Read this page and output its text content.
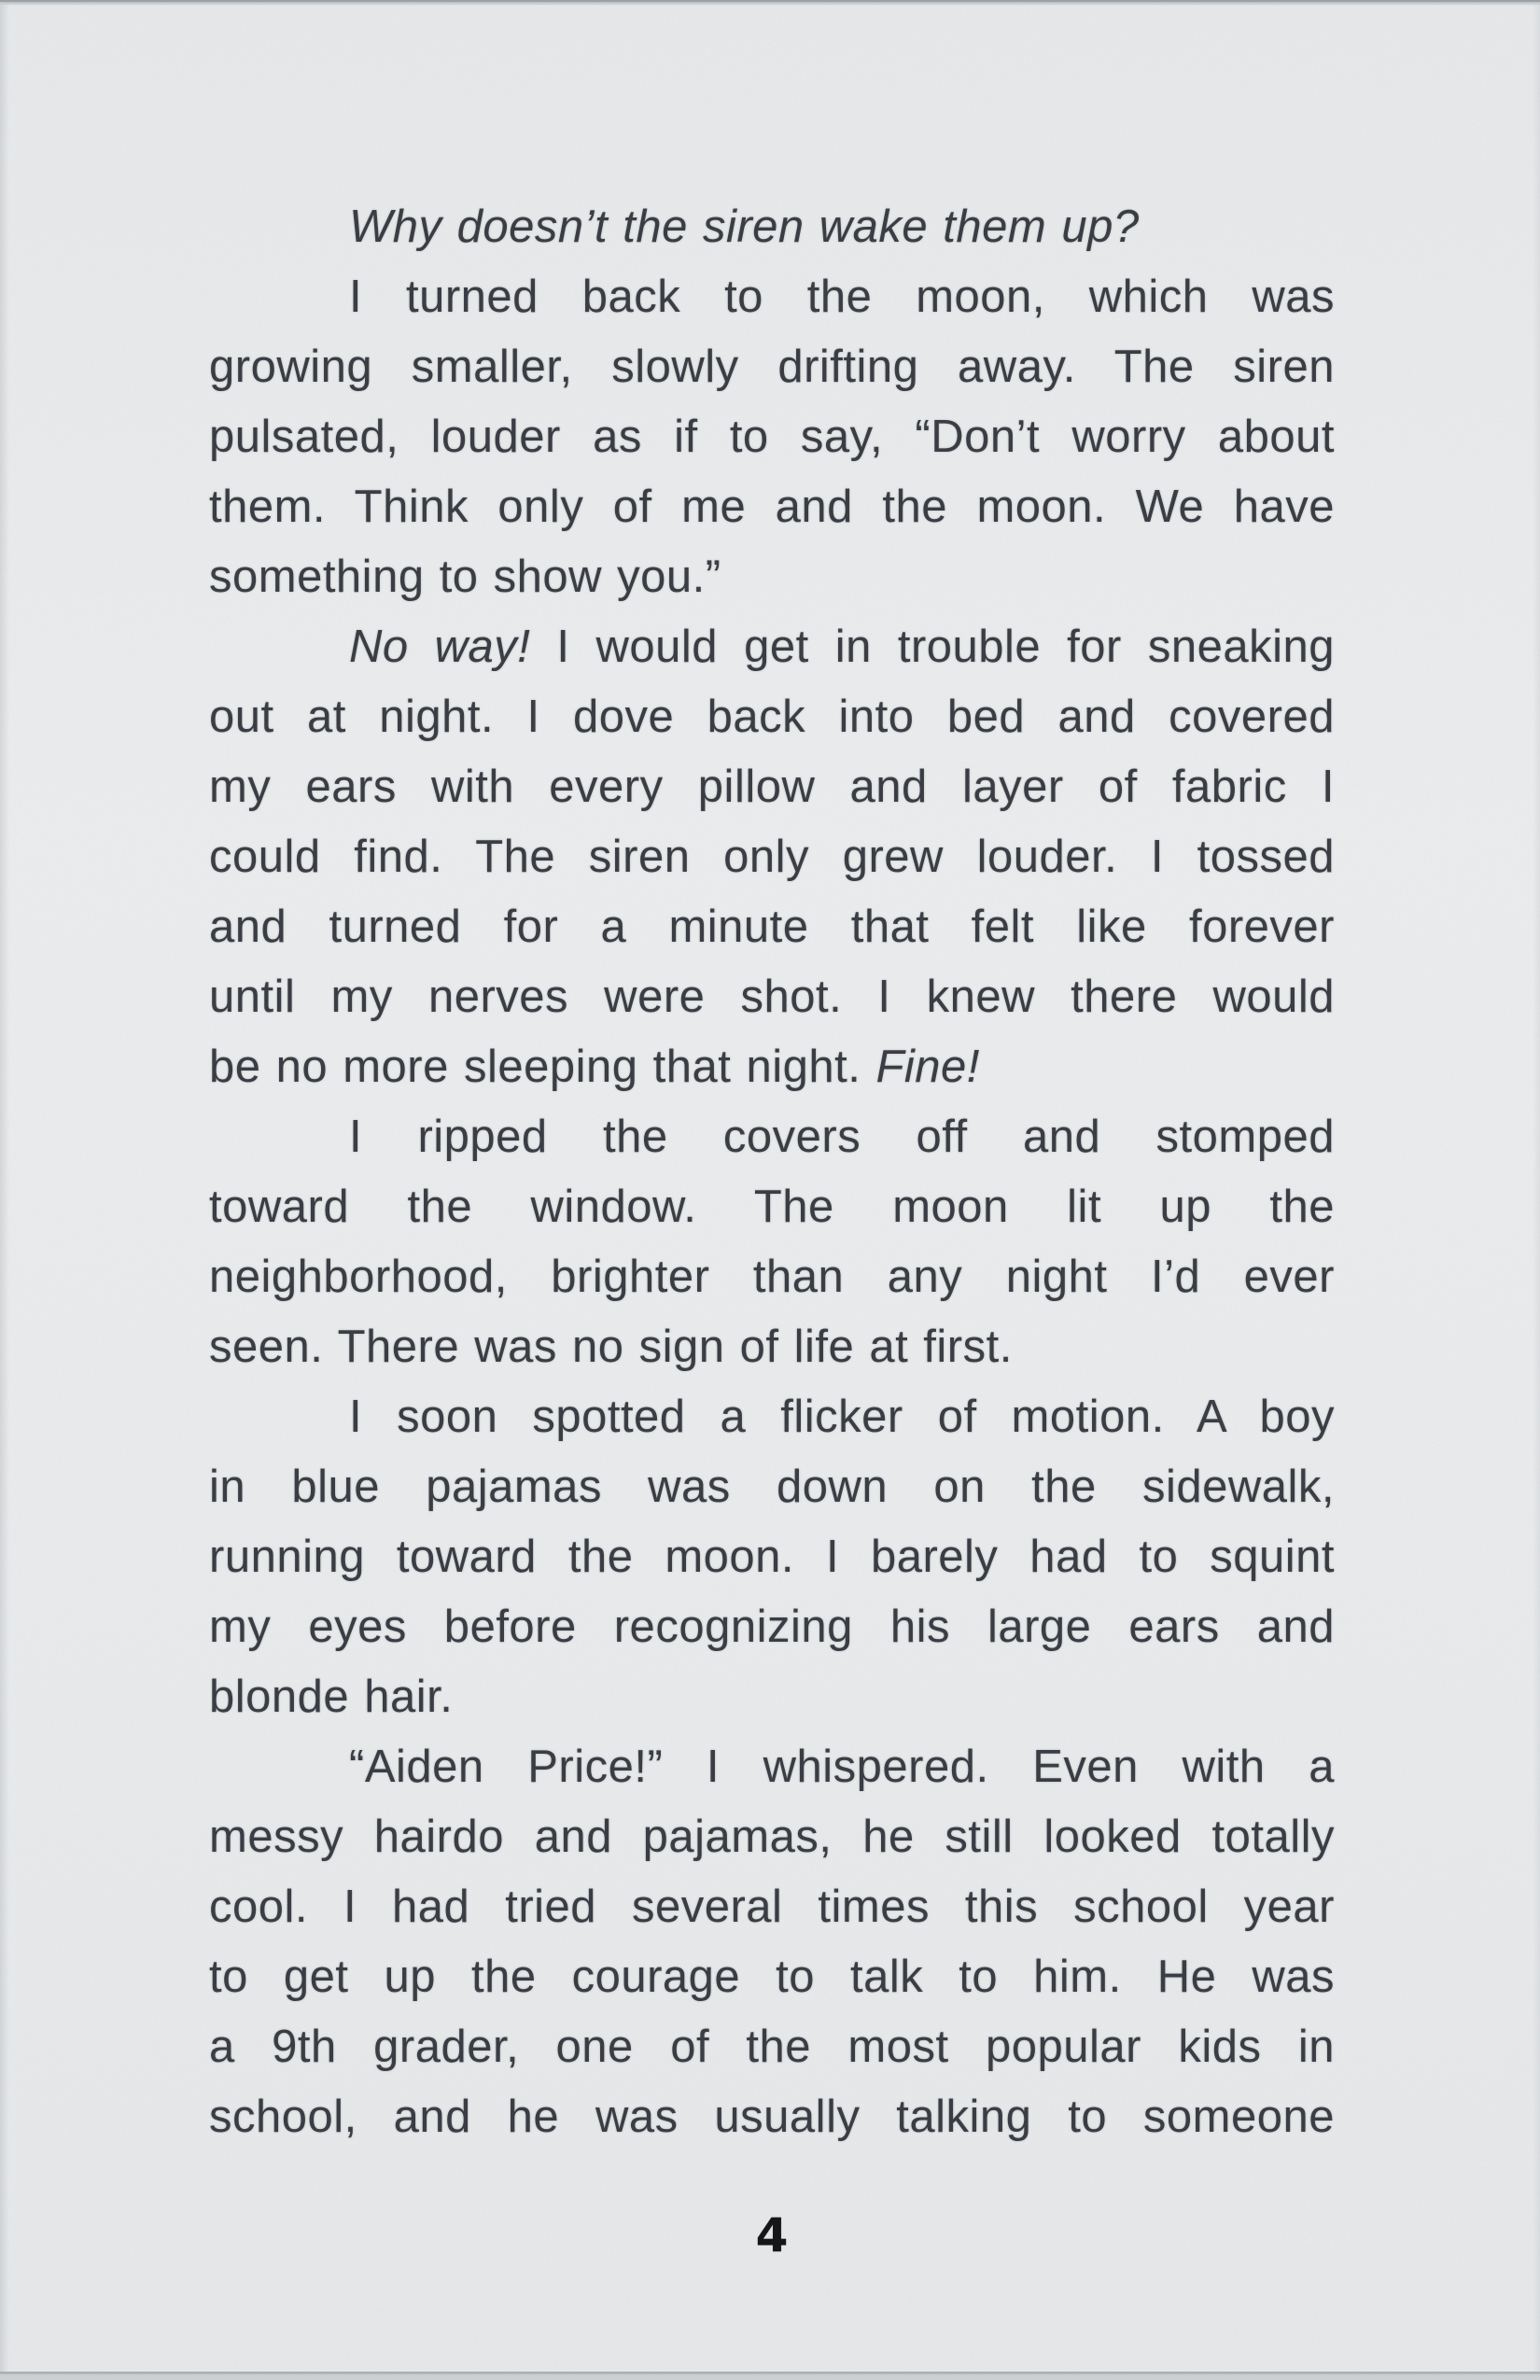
Why doesn’t the siren wake them up?
I turned back to the moon, which was
growing smaller, slowly drifting away. The siren
pulsated, louder as if to say, “Don’t worry about
them. Think only of me and the moon. We have
something to show you.”
No way! I would get in trouble for sneaking
out at night. I dove back into bed and covered
my ears with every pillow and layer of fabric I
could find. The siren only grew louder. I tossed
and turned for a minute that felt like forever
until my nerves were shot. I knew there would
be no more sleeping that night. Fine!
I ripped the covers off and stomped
toward the window. The moon lit up the
neighborhood, brighter than any night I’d ever
seen. There was no sign of life at first.
I soon spotted a flicker of motion. A boy
in blue pajamas was down on the sidewalk,
running toward the moon. I barely had to squint
my eyes before recognizing his large ears and
blonde hair.
“Aiden Price!” I whispered. Even with a
messy hairdo and pajamas, he still looked totally
cool. I had tried several times this school year
to get up the courage to talk to him. He was
a 9th grader, one of the most popular kids in
school, and he was usually talking to someone
4
